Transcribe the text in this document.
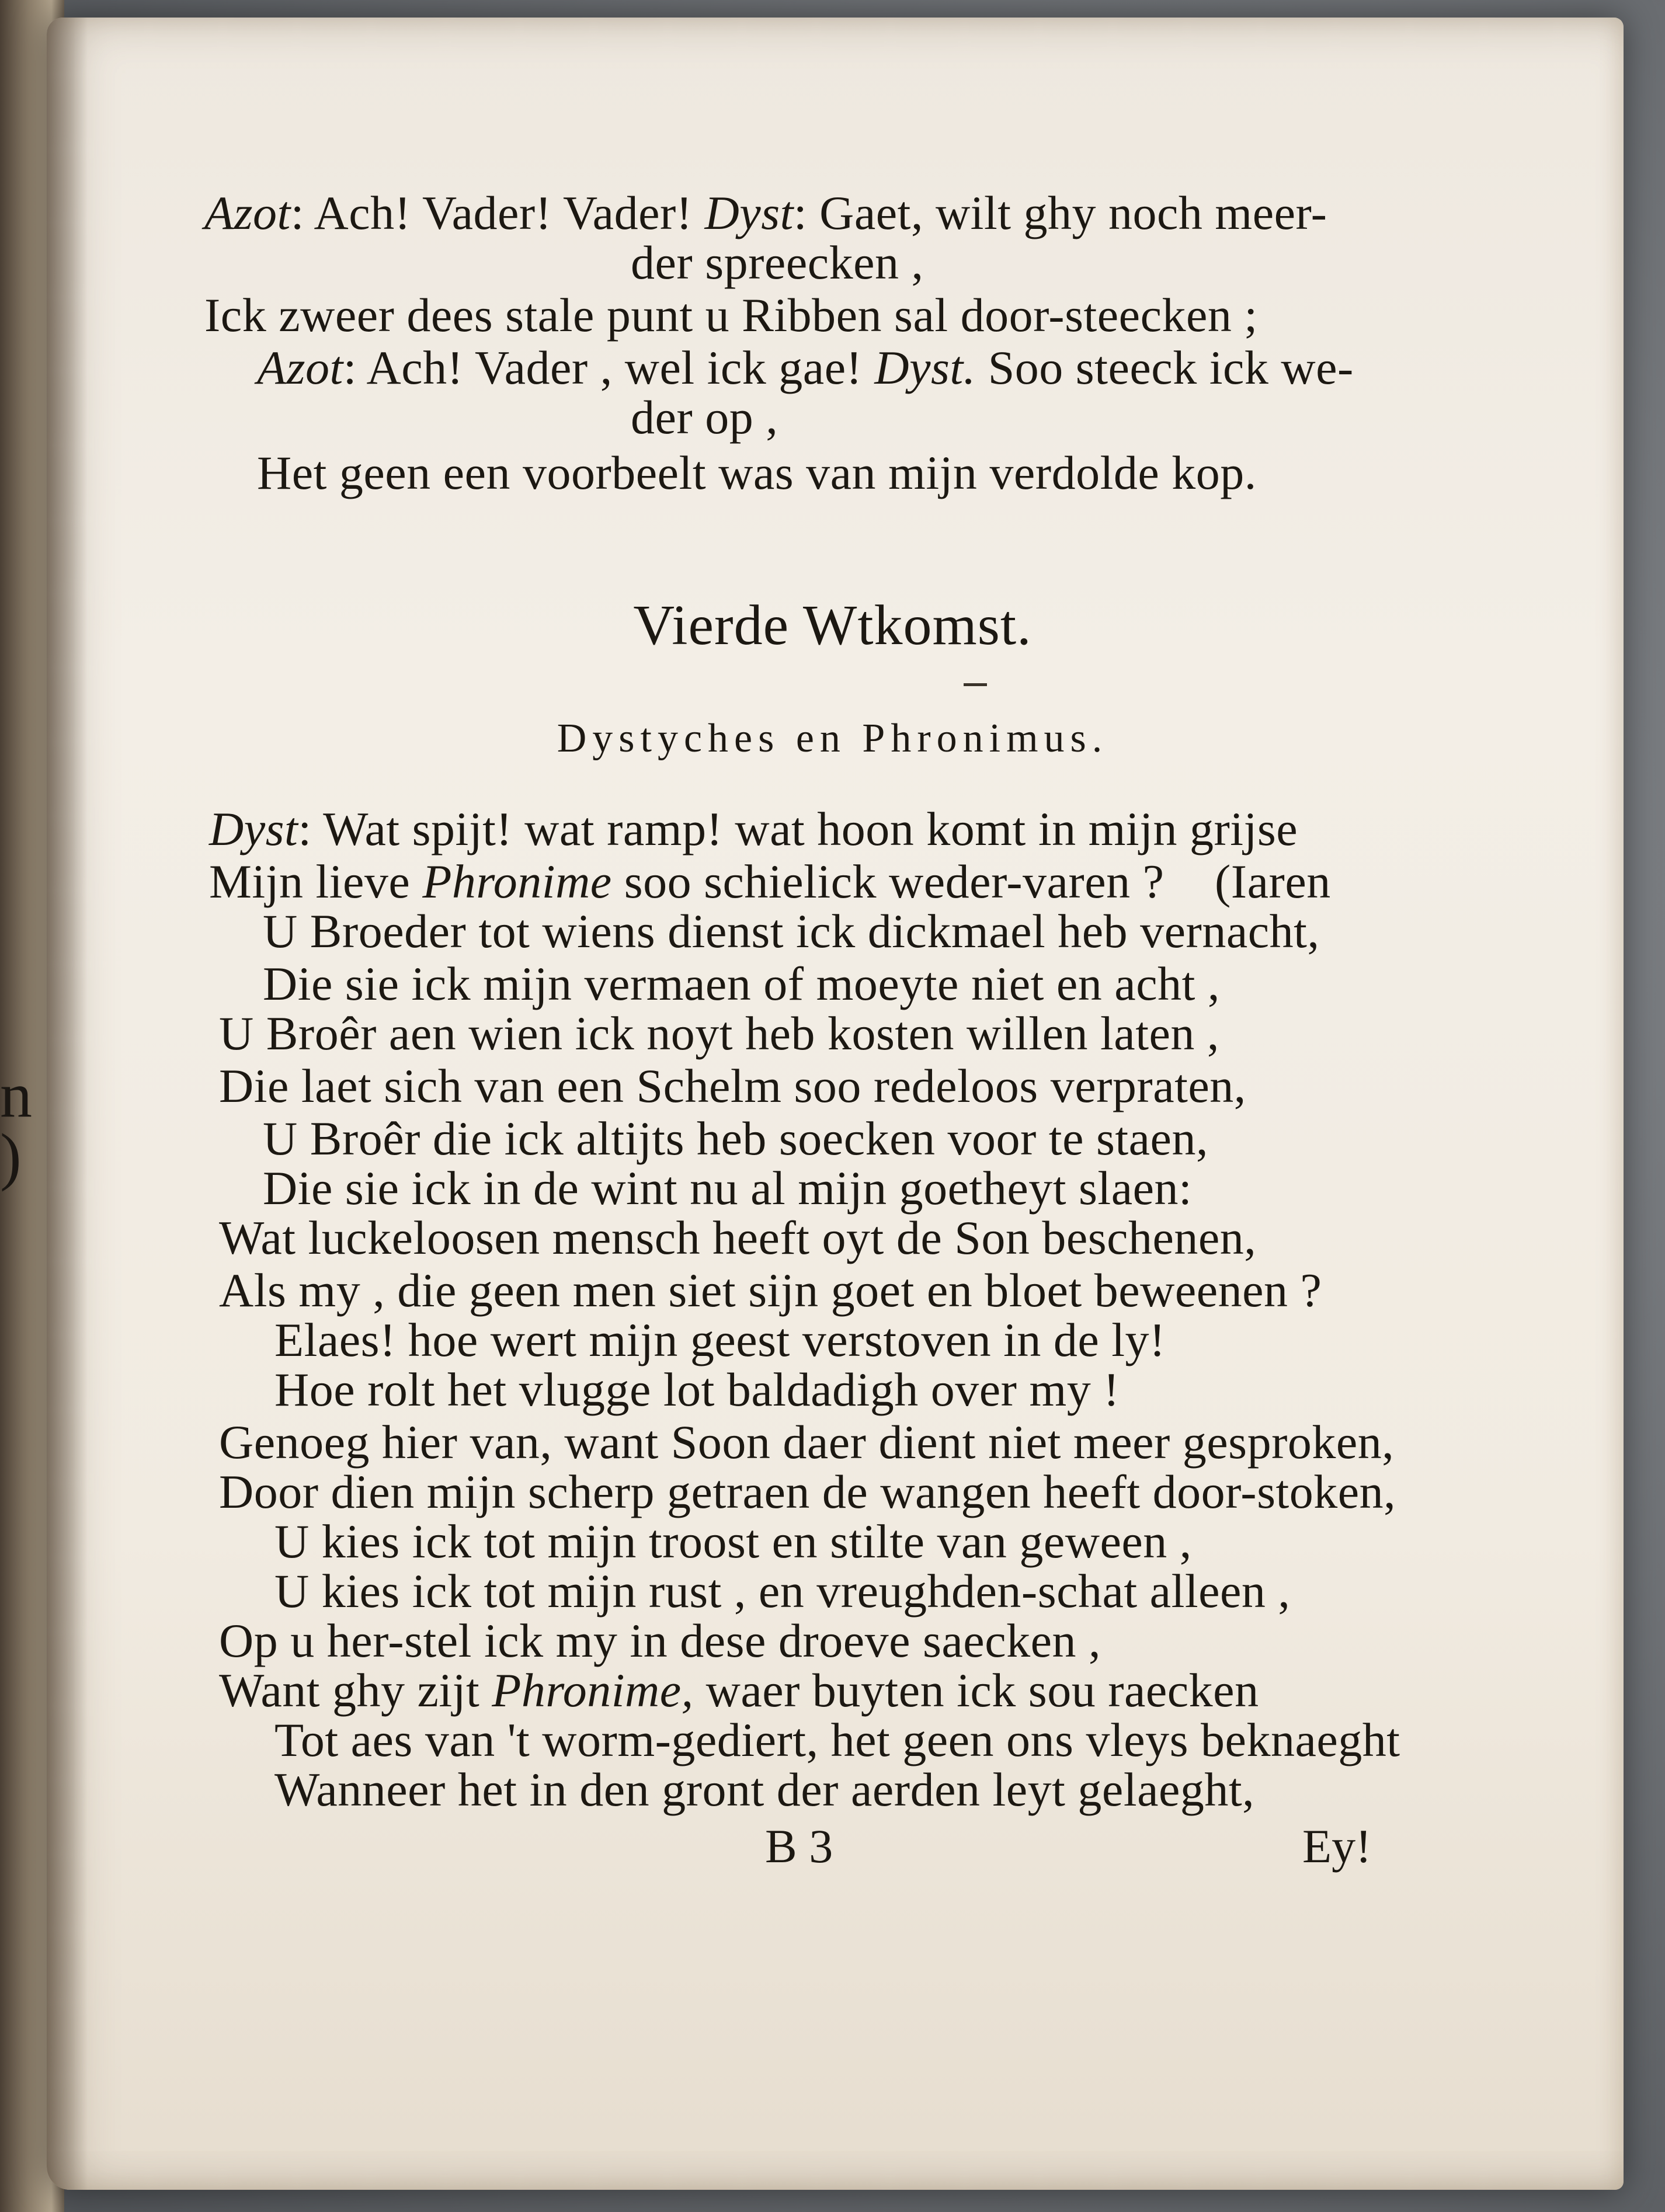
n
)
Azot: Ach! Vader! Vader! Dyst: Gaet, wilt ghy noch meer-
der spreecken ,
Ick zweer dees stale punt u Ribben sal door-steecken ;
Azot: Ach! Vader , wel ick gae! Dyst. Soo steeck ick we-
der op ,
Het geen een voorbeelt was van mijn verdolde kop.
Vierde Wtkomst.
Dystyches en Phronimus.
Dyst: Wat spijt! wat ramp! wat hoon komt in mijn grijse
Mijn lieve Phronime soo schielick weder-varen ? (Iaren
U Broeder tot wiens dienst ick dickmael heb vernacht,
Die sie ick mijn vermaen of moeyte niet en acht ,
U Broêr aen wien ick noyt heb kosten willen laten ,
Die laet sich van een Schelm soo redeloos verpraten,
U Broêr die ick altijts heb soecken voor te staen,
Die sie ick in de wint nu al mijn goetheyt slaen:
Wat luckeloosen mensch heeft oyt de Son beschenen,
Als my , die geen men siet sijn goet en bloet beweenen ?
Elaes! hoe wert mijn geest verstoven in de ly!
Hoe rolt het vlugge lot baldadigh over my !
Genoeg hier van, want Soon daer dient niet meer gesproken,
Door dien mijn scherp getraen de wangen heeft door-stoken,
U kies ick tot mijn troost en stilte van geween ,
U kies ick tot mijn rust , en vreughden-schat alleen ,
Op u her-stel ick my in dese droeve saecken ,
Want ghy zijt Phronime, waer buyten ick sou raecken
Tot aes van 't worm-gediert, het geen ons vleys beknaeght
Wanneer het in den gront der aerden leyt gelaeght,
B 3	Ey!
